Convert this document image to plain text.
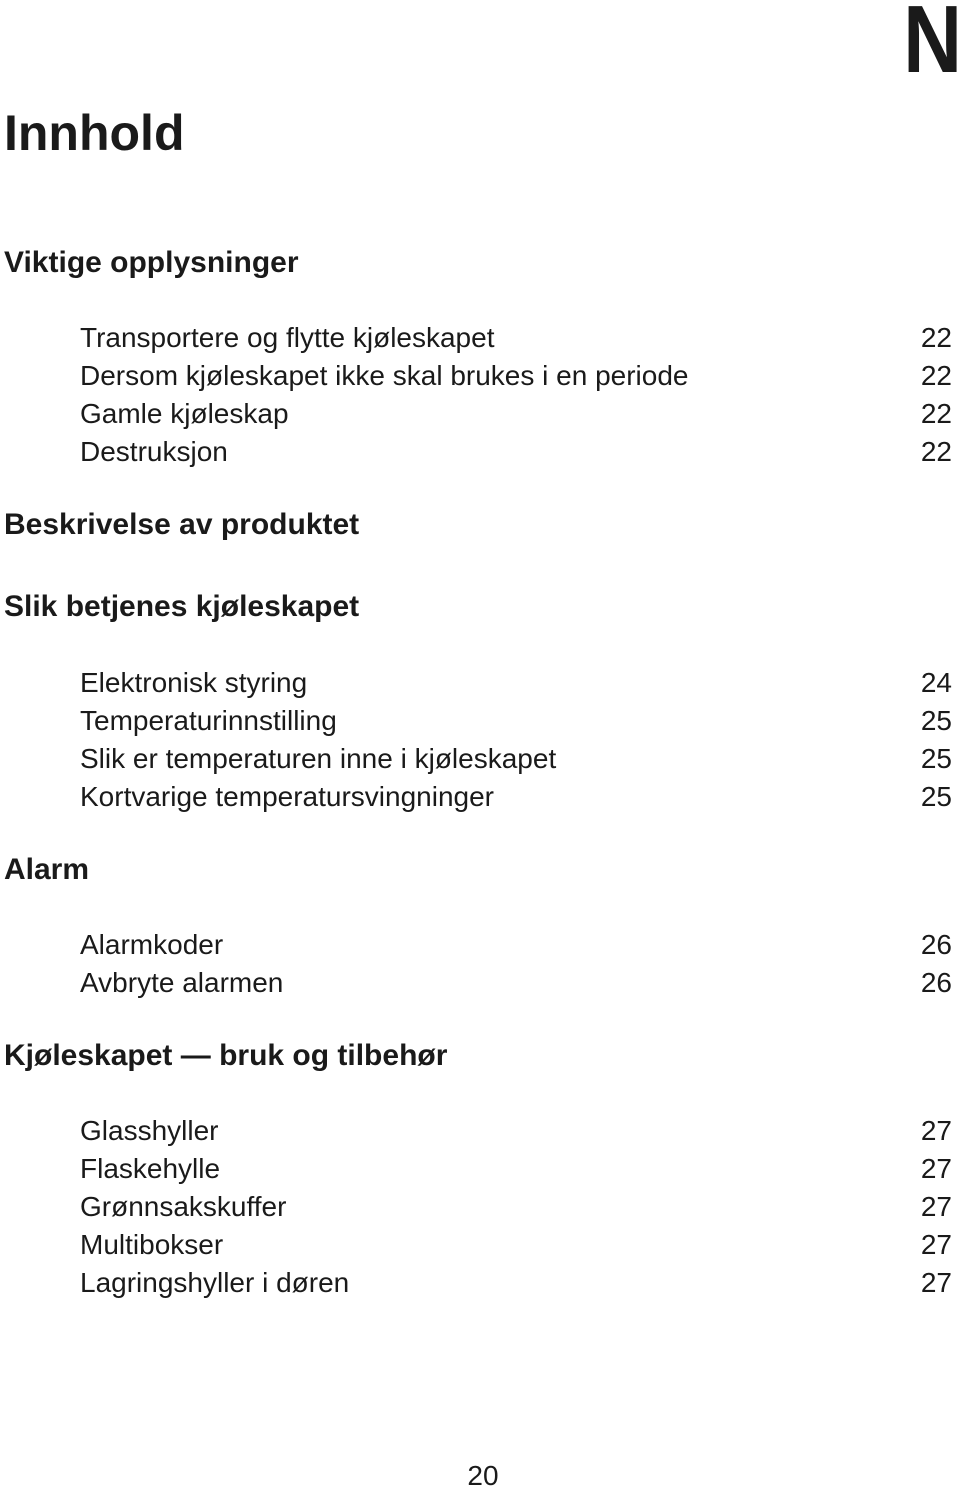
N
Innhold
Viktige opplysninger
Transportere og flytte kjøleskapet	22
Dersom kjøleskapet ikke skal brukes i en periode	22
Gamle kjøleskap	22
Destruksjon	22
Beskrivelse av produktet
Slik betjenes kjøleskapet
Elektronisk styring	24
Temperaturinnstilling	25
Slik er temperaturen inne i kjøleskapet	25
Kortvarige temperatursvingninger	25
Alarm
Alarmkoder	26
Avbryte alarmen	26
Kjøleskapet — bruk og tilbehør
Glasshyller	27
Flaskehylle	27
Grønnsakskuffer	27
Multibokser	27
Lagringshyller i døren	27
20
